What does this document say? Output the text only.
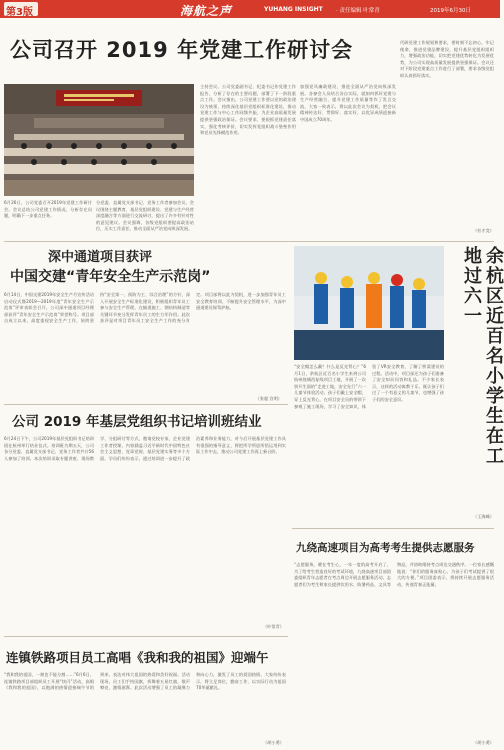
第3版	海航之声	YUHANG INSIGHT · 责任编辑 叶常青	2019年6月30日
公司召开 2019 年党建工作研讨会
6月26日，公司党委召开2019年党建工作研讨会。会议总结公司党建工作情况，分析存在问题，明确下一步重点任务。
分党委、直属党支部书记、党务工作者参加会议。会议围绕主题教育、基层党组织建设、党建与生产经营深度融合等方面进行交流研讨，提出了许多有针对性的意见建议。会议强调，各级党组织要提高政治站位，压实工作责任，推动全面从严治党向纵深发展。
主持会议。公司党委副书记、纪委书记作党建工作报告，分析了存在的主要问题，部署了下一阶段重点工作。会议指出，公司党建工作要以党的政治建设为统领，持续深化基层党组织标准化建设，推动党建工作与中心工作同频共振，为企业高质量发展提供坚强政治保证。会议要求，要狠抓党建责任落实，强化考核评价，切实发挥党组织战斗堡垒作用和党员先锋模范作用。
加强党风廉政建设，推进全面从严治党向纵深发展。各参会人员结合各自实际，就如何抓好党建与生产经营融合、提升党建工作质量等作了发言交流，大家一致表示，将以此次会议为契机，把会议精神传达好、贯彻好、落实好，以优异成绩迎接新中国成立70周年。
代研党建工作规划和要求，要时刻不忘初心，牢记使命，推进党建品牌建设，提升基层党组织组织力，增强政治功能，切实把党建优势转化为发展优势，为公司实现高质量发展提供坚强保证。会议还对下阶段党建重点工作进行了部署，要求各级党组织认真抓好落实。
（杜才竞）
深中通道项目获评
中国交建“青年安全生产示范岗”
6月14日，中国交建2019年安全生产月宣传活动启动仪式暨2019—2019年度“青年安全生产示范岗”评审表彰会召开，公司深中通道项目经理部获评“青年安全生产示范岗”荣誉称号。项目部自成立以来，高度重视安全生产工作，始终坚持“安全第一、预防为主、综合治理”的方针，深入开展安全生产标准化建设，积极组织青年员工参与安全生产管理，在隧道施工、钢结构制造等关键环节充分发挥青年员工的生力军作用。此次获评是对项目青年员工安全生产工作的充分肯定。项目部将以此为契机，进一步加强青年员工安全教育培训，不断提升安全管理水平，为深中通道建设保驾护航。
（张超 宫明）	余杭区近百名小学生在工地过六一
“安全帽怎么戴？什么是反光背心？”6月1日，余杭区近百名小学生来到公司杭州绕城西复线项目工地，开展了一次别开生面的“走进工地，安全先行”六一儿童节体验活动。孩子们戴上安全帽，穿上反光背心，在项目安全员的带领下参观了施工现场，学习了安全知识，体验了VR安全教育，了解了桥梁建设的过程。活动中，项目部还为孩子们准备了安全知识问答和礼品。不少家长表示，这样的活动寓教于乐，既让孩子们过了一个有意义的儿童节，也增强了孩子们的安全意识。
（王海峰）
公司 2019 年基层党组织书记培训班结业
6月24日下午，公司2019年基层党组织书记培训班在杭州举行结业仪式。培训班为期五天，公司各分党委、直属党支部书记、党务工作者共计56人参加了培训。本次培训采取专题讲座、现场教学、分组研讨等方式，邀请党校专家、企业党建工作者授课，内容涵盖习近平新时代中国特色社会主义思想、党章党规、基层党建实务等多个方面。学员们纷纷表示，通过培训进一步提升了政治素养和业务能力，对今后开展基层党建工作具有很强的指导意义，将把所学所思所悟运用到实际工作中去，推动公司党建工作再上新台阶。
（叶常青）
九绕高速项目为高考考生提供志愿服务
“志愿服务，暖在考生心，一年一度的高考开启了，为了给考生营造良好的考试环境，九绕高速项目部团委组织青年志愿者在考点周边开展志愿服务活动。志愿者们为考生和家长提供饮用水、防暑药品、文具等物品，并协助维持考点周边交通秩序。一位家长感慨地说：“你们的服务真贴心，为孩子们考试提供了很大的方便。”项目团委表示，将持续开展志愿服务活动，传递青春正能量。
（胡小勇）
连镇铁路项目员工高唱《我和我的祖国》迎端午
“我和我的祖国，一刻也不能分割……”6月6日，连镇铁路项目部组织员工开展“快闪”活动，高唱《我和我的祖国》，以饱满的热情迎接端午节的到来，表达对伟大祖国的热爱和美好祝福。活动现场，员工们手持国旗，挥舞着五星红旗，歌声嘹亮，激情澎湃。此次活动增强了员工的凝聚力和向心力，激发了员工的爱国热情，大家纷纷表示，将立足岗位，勤奋工作，以实际行动为祖国70华诞献礼。
（胡小勇）
